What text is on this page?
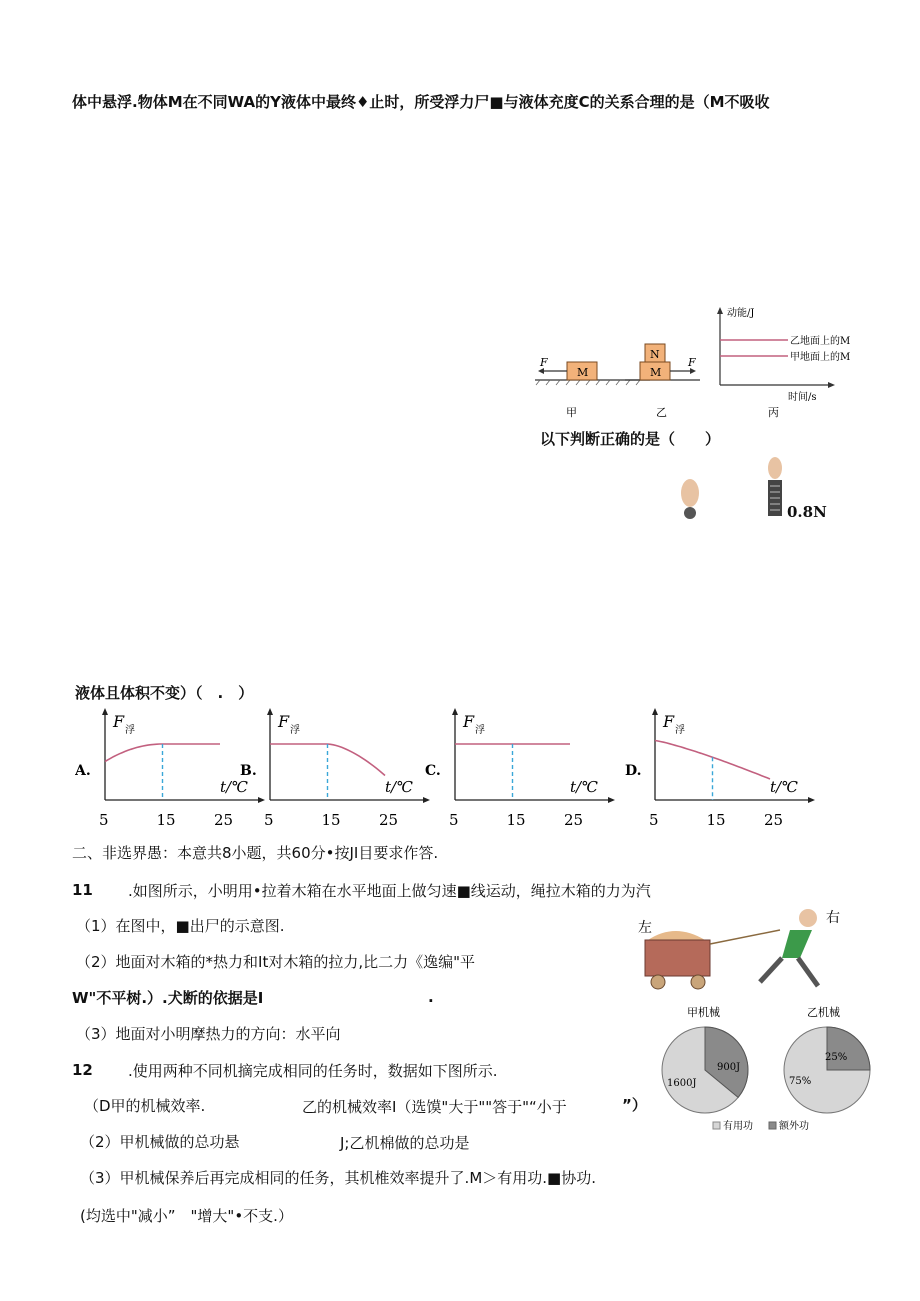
体中悬浮.物体M在不同WA的Y液体中最终♦止时，所受浮力尸■与液体充度C的关系合理的是（M不吸收
M
F
M
N
F
动能/J
时间/s
乙地面上的M
甲地面上的M
甲	乙	丙
以下判断正确的是（　　）
0.8N
液体且体积不变）（　.　）
F 浮
t/℃
5	15	25
A.
F 浮
t/℃
5	15	25
B.
F 浮
t/℃
5	15	25
C.
F 浮
t/℃
5	15	25
D.
二、非选界愚：本意共8小题，共60分•按JI目要求作答.
11 .如图所示，小明用•拉着木箱在水平地面上做匀速■线运动，绳拉木箱的力为汽
（1）在图中，■出尸的示意图.
（2）地面对木箱的*热力和It对木箱的拉力,比二力《逸编"平
W"不平树.）.犬断的依据是I	.
（3）地面对小明摩热力的方向：水平向
左
右
12 .使用两种不同机摘完成相同的任务时，数据如下图所示.
（D甲的机械效率.	乙的机械效率I（选馍"大于""答于"“小于	”）
（2）甲机械做的总功悬	J;乙机棉做的总功是
（3）甲机械保养后再完成相同的任务，其机椎效率提升了.M＞有用功.■协功.
(均选中"减小”　"增大"•不支.）
甲机械	乙机械
1600J
900J
75%
25%
有用功	额外功
